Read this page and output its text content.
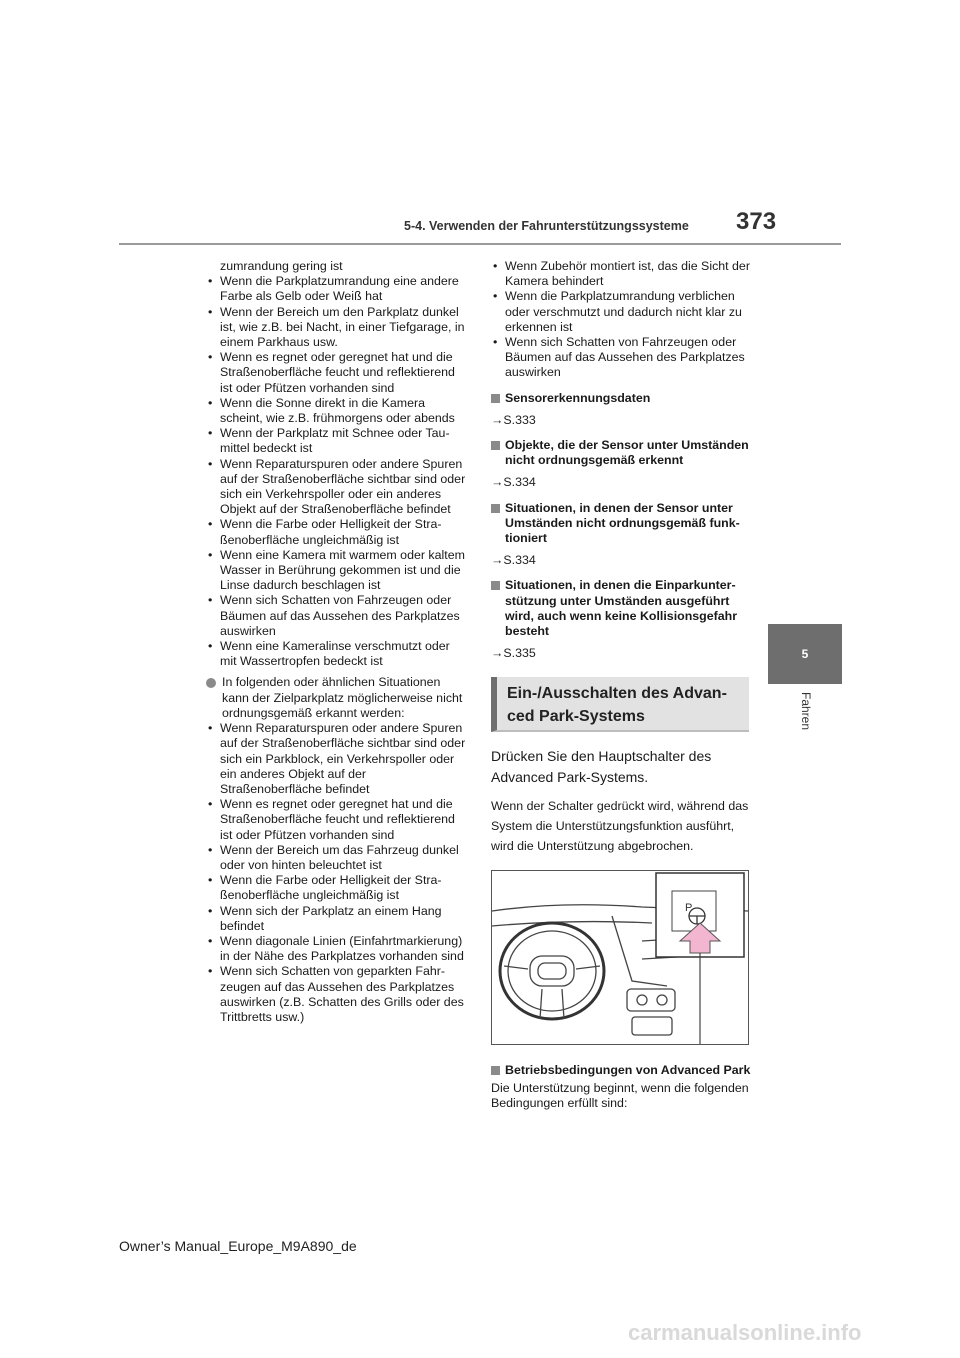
5-4. Verwenden der Fahrunterstützungssysteme 373
5
Fahren
zumrandung gering ist
• Wenn die Parkplatzumrandung eine andere Farbe als Gelb oder Weiß hat
• Wenn der Bereich um den Parkplatz dunkel ist, wie z.B. bei Nacht, in einer Tiefgarage, in einem Parkhaus usw.
• Wenn es regnet oder geregnet hat und die Straßenoberfläche feucht und reflektierend ist oder Pfützen vorhanden sind
• Wenn die Sonne direkt in die Kamera scheint, wie z.B. frühmorgens oder abends
• Wenn der Parkplatz mit Schnee oder Taumittel bedeckt ist
• Wenn Reparaturspuren oder andere Spuren auf der Straßenoberfläche sichtbar sind oder sich ein Verkehrspoller oder ein anderes Objekt auf der Straßenoberfläche befindet
• Wenn die Farbe oder Helligkeit der Straßenoberfläche ungleichmäßig ist
• Wenn eine Kamera mit warmem oder kaltem Wasser in Berührung gekommen ist und die Linse dadurch beschlagen ist
• Wenn sich Schatten von Fahrzeugen oder Bäumen auf das Aussehen des Parkplatzes auswirken
• Wenn eine Kameralinse verschmutzt oder mit Wassertropfen bedeckt ist
In folgenden oder ähnlichen Situationen kann der Zielparkplatz möglicherweise nicht ordnungsgemäß erkannt werden:
• Wenn Reparaturspuren oder andere Spuren auf der Straßenoberfläche sichtbar sind oder sich ein Parkblock, ein Verkehrspoller oder ein anderes Objekt auf der Straßenoberfläche befindet
• Wenn es regnet oder geregnet hat und die Straßenoberfläche feucht und reflektierend ist oder Pfützen vorhanden sind
• Wenn der Bereich um das Fahrzeug dunkel oder von hinten beleuchtet ist
• Wenn die Farbe oder Helligkeit der Straßenoberfläche ungleichmäßig ist
• Wenn sich der Parkplatz an einem Hang befindet
• Wenn diagonale Linien (Einfahrtmarkierung) in der Nähe des Parkplatzes vorhanden sind
• Wenn sich Schatten von geparkten Fahrzeugen auf das Aussehen des Parkplatzes auswirken (z.B. Schatten des Grills oder des Trittbretts usw.)
• Wenn Zubehör montiert ist, das die Sicht der Kamera behindert
• Wenn die Parkplatzumrandung verblichen oder verschmutzt und dadurch nicht klar zu erkennen ist
• Wenn sich Schatten von Fahrzeugen oder Bäumen auf das Aussehen des Parkplatzes auswirken
Sensorerkennungsdaten
→S.333
Objekte, die der Sensor unter Umständen nicht ordnungsgemäß erkennt
→S.334
Situationen, in denen der Sensor unter Umständen nicht ordnungsgemäß funktioniert
→S.334
Situationen, in denen die Einparkunterstützung unter Umständen ausgeführt wird, auch wenn keine Kollisionsgefahr besteht
→S.335
Ein-/Ausschalten des Advanced Park-Systems
Drücken Sie den Hauptschalter des Advanced Park-Systems.
Wenn der Schalter gedrückt wird, während das System die Unterstützungsfunktion ausführt, wird die Unterstützung abgebrochen.
P
Betriebsbedingungen von Advanced Park
Die Unterstützung beginnt, wenn die folgenden Bedingungen erfüllt sind:
Owner’s Manual_Europe_M9A890_de
carmanualsonline.info
